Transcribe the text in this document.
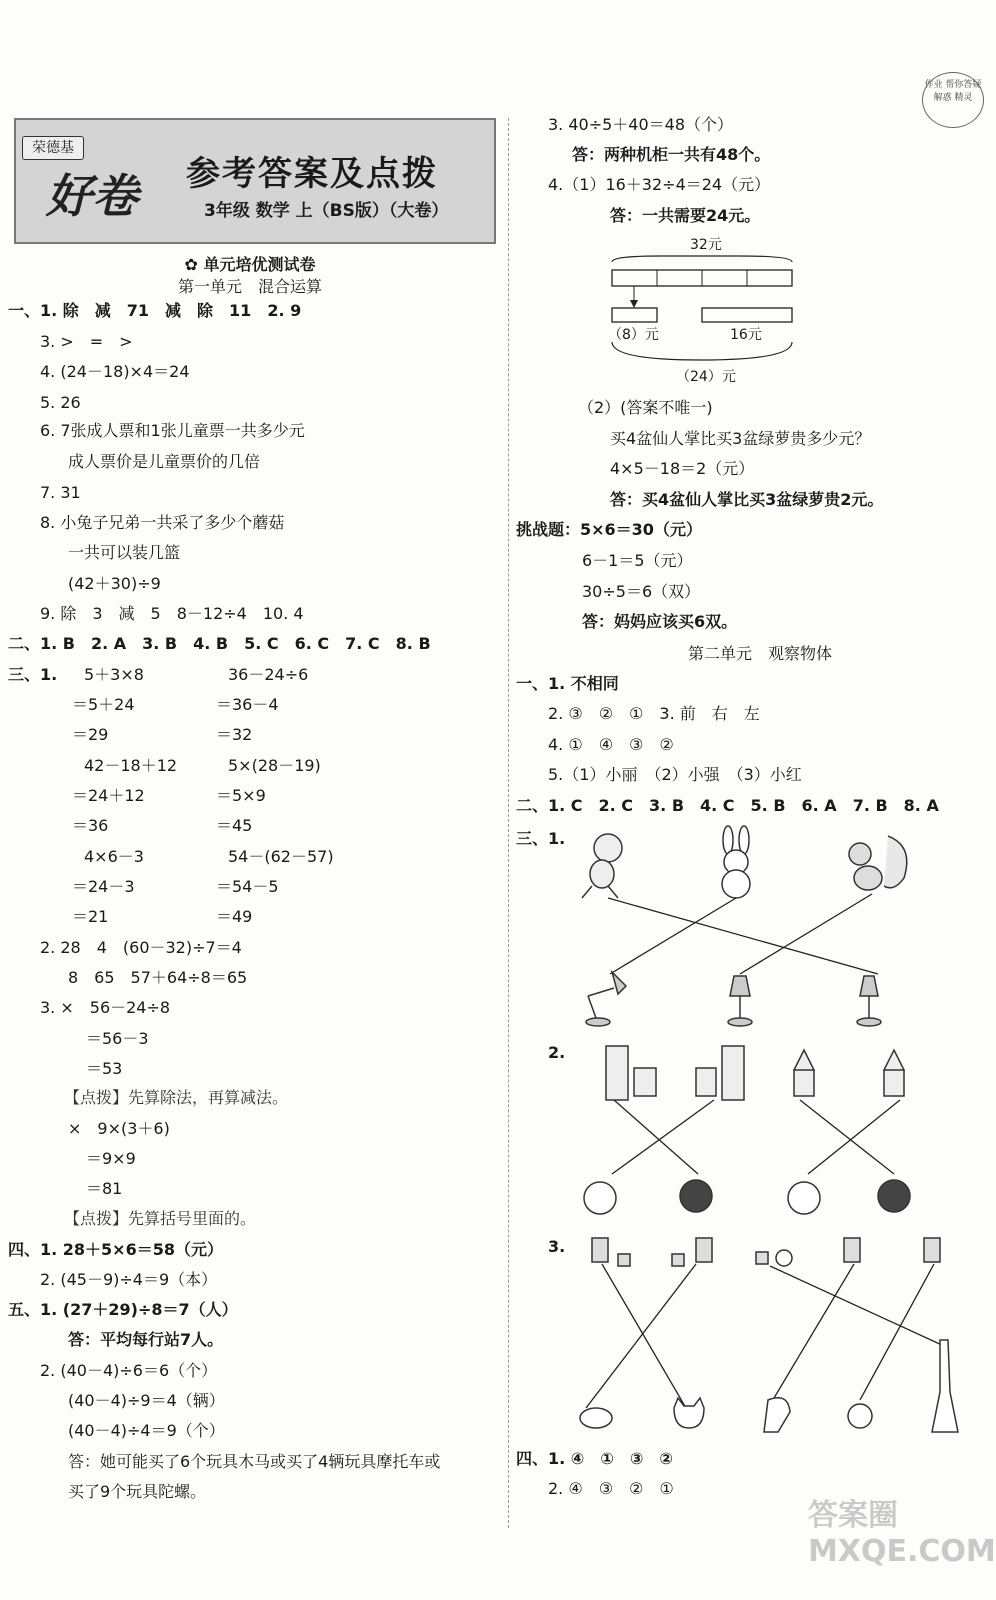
作业 帮你答疑解惑 精灵
荣德基
好卷 参考答案及点拨
3年级 数学 上（BS版）（大卷）
✿ 单元培优测试卷
第一单元　混合运算
一、1. 除　减　71　减　除　11　2. 9
3. >　=　>
4. (24－18)×4＝24
5. 26
6. 7张成人票和1张儿童票一共多少元
成人票价是儿童票价的几倍
7. 31
8. 小兔子兄弟一共采了多少个蘑菇
一共可以装几篮
(42＋30)÷9
9. 除　3　减　5　8－12÷4　10. 4
二、1. B　2. A　3. B　4. B　5. C　6. C　7. C　8. B
三、1. 5＋3×8
＝5＋24
＝29
42－18＋12
＝24＋12
＝36
4×6－3
＝24－3
＝21
36－24÷6
＝36－4
＝32
5×(28－19)
＝5×9
＝45
54－(62－57)
＝54－5
＝49
2. 28　4　(60－32)÷7＝4
8　65　57＋64÷8＝65
3. ×　56－24÷8
＝56－3
＝53
【点拨】先算除法，再算减法。
×　9×(3＋6)
＝9×9
＝81
【点拨】先算括号里面的。
四、1. 28＋5×6＝58（元）
2. (45－9)÷4＝9（本）
五、1. (27＋29)÷8＝7（人）
答：平均每行站7人。
2. (40－4)÷6＝6（个）
(40－4)÷9＝4（辆）
(40－4)÷4＝9（个）
答：她可能买了6个玩具木马或买了4辆玩具摩托车或
买了9个玩具陀螺。
3. 40÷5＋40＝48（个）
答：两种机柜一共有48个。
4.（1）16＋32÷4＝24（元）
答：一共需要24元。
32元
（8）元	16元
（24）元
（2）(答案不唯一)
买4盆仙人掌比买3盆绿萝贵多少元？
4×5－18＝2（元）
答：买4盆仙人掌比买3盆绿萝贵2元。
挑战题：5×6＝30（元）
6－1＝5（元）
30÷5＝6（双）
答：妈妈应该买6双。
第二单元　观察物体
一、1. 不相同
2. ③　②　①　3. 前　右　左
4. ①　④　③　②
5.（1）小丽　（2）小强　（3）小红
二、1. C　2. C　3. B　4. C　5. B　6. A　7. B　8. A
三、1.
2.
3.
四、1. ④　①　③　②
2. ④　③　②　①
答案圈 MXQE.COM
